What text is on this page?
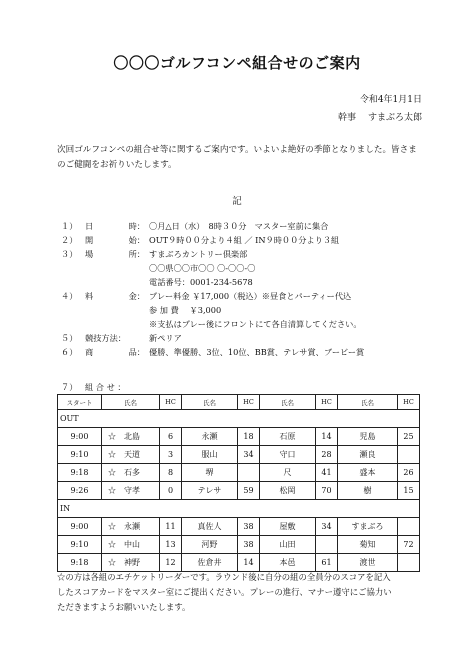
〇〇〇ゴルフコンペ組合せのご案内
令和4年1月1日
幹事 すまぶろ太郎
次回ゴルフコンペの組合せ等に関するご案内です。いよいよ絶好の季節となりました。皆さま
のご健闘をお祈りいたします。
記
１） 日	時： 〇月△日（水）　8時３０分　マスター室前に集合
２） 開	始： OUT９時００分より４組 ／ IN９時００分より３組
３） 場	所： すまぶろカントリー倶楽部
〇〇県〇〇市〇〇 〇-〇〇-〇
電話番号：0001-234-5678
４） 料	金： プレー料金 ￥17,000（税込）※昼食とパーティー代込
参 加 費　 ￥3,000
※支払はプレー後にフロントにて各自清算してください。
５） 競技方法：	新ペリア
６） 商	品： 優勝、準優勝、3位、10位、BB賞、テレサ賞、ブービー賞
７） 組 合 せ ：
スタート	氏名	HC	氏名	HC	氏名	HC	氏名	HC
OUT								
9:00	☆　北島	6	永瀬	18	石原	14	児島	25
9:10	☆　天道	3	服山	34	守口	28	瀬良	
9:18	☆　石多	8	堺		尺	41	盛本	26
9:26	☆　守孝	0	テレサ	59	松岡	70	樹	15
IN								
9:00	☆　永瀬	11	真佐人	38	屋敷	34	すまぶろ	
9:10	☆　中山	13	河野	38	山田		菊知	72
9:18	☆　神野	12	佐倉井	14	本邑	61	渡世	
☆の方は各組のエチケットリーダーです。ラウンド後に自分の組の全員分のスコアを記入
したスコアカードをマスター室にご提出ください。プレーの進行、マナー遵守にご協力い
ただきますようお願いいたします。
